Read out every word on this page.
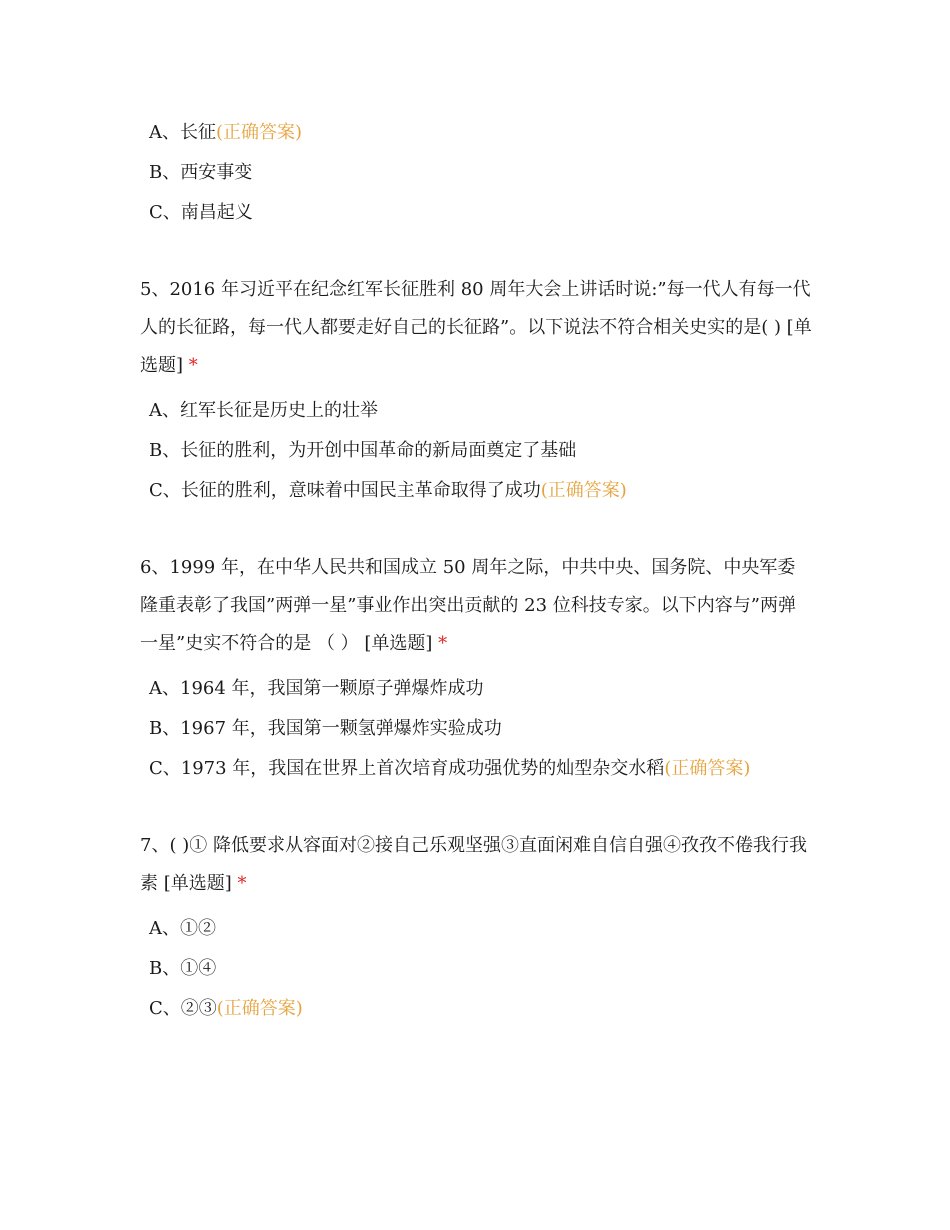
A、长征(正确答案)
B、西安事变
C、南昌起义
5、2016 年习近平在纪念红军长征胜利 80 周年大会上讲话时说:”每一代人有每一代人的长征路，每一代人都要走好自己的长征路”。以下说法不符合相关史实的是( ) [单选题] *
A、红军长征是历史上的壮举
B、长征的胜利，为开创中国革命的新局面奠定了基础
C、长征的胜利，意味着中国民主革命取得了成功(正确答案)
6、1999 年，在中华人民共和国成立 50 周年之际，中共中央、国务院、中央军委隆重表彰了我国”两弹一星”事业作出突出贡献的 23 位科技专家。以下内容与”两弹一星”史实不符合的是 （ ） [单选题] *
A、1964 年，我国第一颗原子弹爆炸成功
B、1967 年，我国第一颗氢弹爆炸实验成功
C、1973 年，我国在世界上首次培育成功强优势的灿型杂交水稻(正确答案)
7、( )① 降低要求从容面对②接自己乐观坚强③直面闲难自信自强④孜孜不倦我行我素 [单选题] *
A、①②
B、①④
C、②③(正确答案)
